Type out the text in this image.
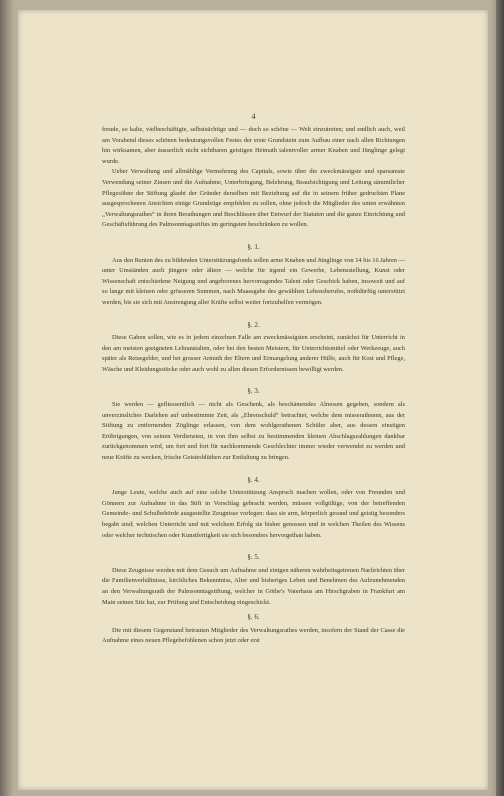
4

freude, so kalte, vielbeschäftigte, selbstsüchtige und — doch so schöne — Welt einzutreten; und endlich auch, weil am Vorabend dieses schönen bedeutungsvollen Festes der erste Grundstein zum Aufbau einer nach allen Richtungen hin wirksamen, aber äusserlich nicht sichtbaren geistigen Heimath talentvoller armer Knaben und Jünglinge gelegt wurde.

Ueber Verwaltung und allmählige Vermehrung des Capitals, sowie über die zweckmässigste und sparsamste Verwendung seiner Zinsen und die Aufnahme, Unterbringung, Belehrung, Beaufsichtigung und Leitung sämmtlicher Pflegesöhne der Stiftung glaubt der Gründer derselben mit Beziehung auf die in seinem früher gedruckten Plane ausgesprochenen Ansichten einige Grundzüge empfehlen zu sollen, ohne jedoch die Mitglieder des unten erwähnten „Verwaltungsrathes“ in ihren Berathungen und Beschlüssen über Entwurf der Statuten und die ganze Einrichtung und Geschäftsführung des Palmsonntagsstiftes im geringsten beschränken zu wollen.

§. 1.

Aus den Renten des zu bildenden Unterstützungsfonds sollen arme Knaben und Jünglinge von 14 bis 16 Jahren — unter Umständen auch jüngere oder ältere — welche für irgend ein Gewerbe, Lebensstellung, Kunst oder Wissenschaft entschiedene Neigung und angeborenes hervorragendes Talent oder Geschick haben, insoweit und auf so lange mit kleinen oder grösseren Summen, nach Maassgabe des gewählten Lebensberufes, nothdürftig unterstützt werden, bis sie sich mit Anstrengung aller Kräfte selbst weiter fortzuhelfen vermögen.

§. 2.

Diese Gaben sollen, wie es in jedem einzelnen Falle am zweckmässigsten erscheint, zunächst für Unterricht in den am meisten geeigneten Lehranstalten, oder bei den besten Meistern, für Unterrichtsmittel oder Werkzeuge, auch später als Reisegelder, und bei grosser Armuth der Eltern und Ermangelung anderer Hülfe, auch für Kost und Pflege, Wäsche und Kleidungsstücke oder auch wohl zu allen diesen Erfordernissen bewilligt werden.

§. 3.

Sie werden — gefliessentlich — nicht als Geschenk, als beschämendes Almosen gegeben, sondern als unverzinsliches Darlehen auf unbestimmte Zeit, als „Ehrenschuld“ betrachtet, welche dem misserathenen, aus der Stiftung zu entfernenden Zöglinge erlassen, von dem wohlgerathenen Schüler aber, aus dessen einstigen Erübrigungen, von seinen Verdiensten, in von ihm selbst zu bestimmenden kleinen Abschlagszahlungen dankbar zurückgenommen wird, um fort und fort für nachkommende Geschlechter immer wieder verwendet zu werden und neue Kräfte zu wecken, frische Geistesblüthen zur Entfaltung zu bringen.

§. 4.

Junge Leute, welche auch auf eine solche Unterstützung Anspruch machen wollen, oder von Freunden und Gönnern zur Aufnahme in das Stift in Vorschlag gebracht werden, müssen vollgültige, von der betreffenden Gemeinde- und Schulbehörde ausgestellte Zeugnisse vorlegen: dass sie arm, körperlich gesund und geistig besonders begabt sind; welchen Unterricht und mit welchem Erfolg sie bisher genossen und in welchen Theilen des Wissens oder welcher technischen oder Kunstfertigkeit sie sich besonders hervorgethan haben.

§. 5.

Diese Zeugnisse werden mit dem Gesuch um Aufnahme und einigen näheren wahrheitsgetreuen Nachrichten über die Familienverhältnisse, kirchliches Bekenntniss, Alter und bisheriges Leben und Benehmen des Aufzunehmenden an den Verwaltungsrath der Palmsonntagstiftung, welcher in Göthe's Vaterhaus am Hirschgraben in Frankfurt am Main seinen Sitz hat, zur Prüfung und Entscheidung eingeschickt.

§. 6.

Die mit diesem Gegenstand betrauten Mitglieder des Verwaltungsrathes werden, insofern der Stand der Casse die Aufnahme eines neuen Pflegebefohlenen schon jetzt oder erst
